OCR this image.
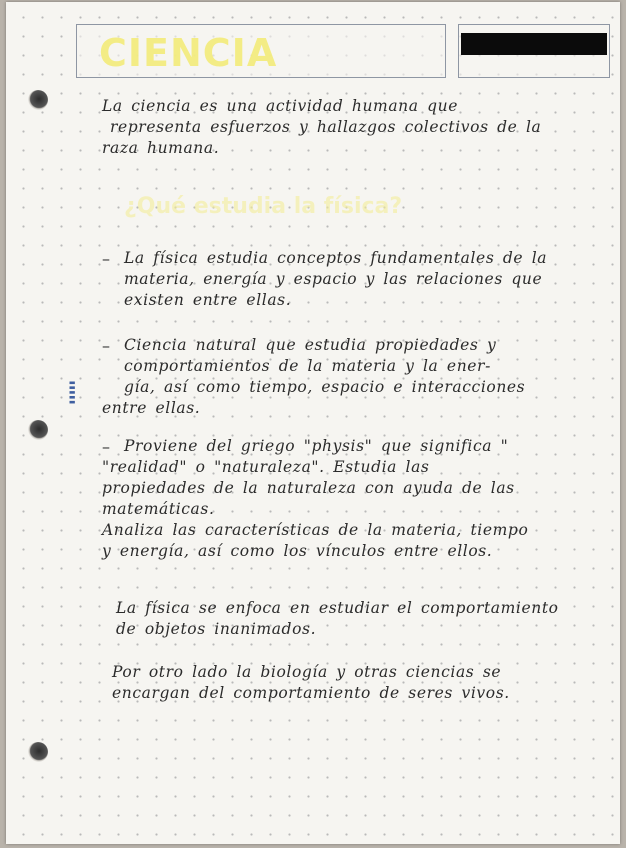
CIENCIA
¿Qué estudia la física?
▮▮▮▮▮
La ciencia es una actividad humana que
representa esfuerzos y hallazgos colectivos de la
raza humana.
– La física estudia conceptos fundamentales de la
materia, energía y espacio y las relaciones que
existen entre ellas.
– Ciencia natural que estudia propiedades y
comportamientos de la materia y la ener-
gía, así como tiempo, espacio e interacciones
entre ellas.
– Proviene del griego "physis" que significa "
"realidad" o "naturaleza". Estudia las
propiedades de la naturaleza con ayuda de las
matemáticas.
Analiza las características de la materia, tiempo
y energía, así como los vínculos entre ellos.
La física se enfoca en estudiar el comportamiento
de objetos inanimados.
Por otro lado la biología y otras ciencias se
encargan del comportamiento de seres vivos.
